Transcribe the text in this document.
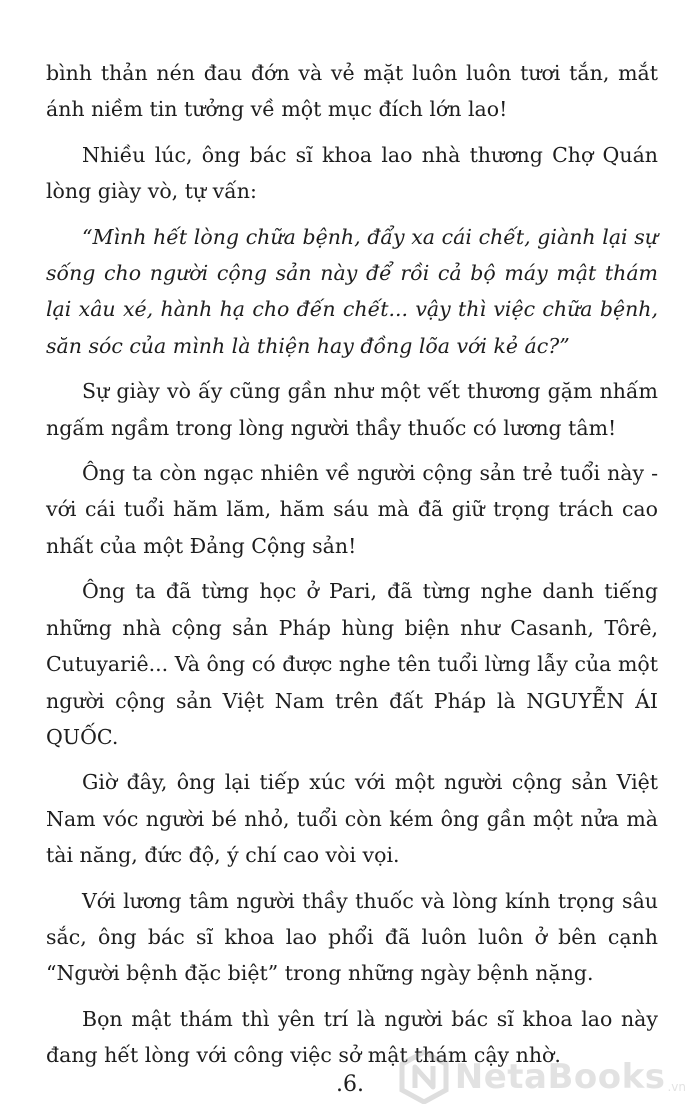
bình thản nén đau đớn và vẻ mặt luôn luôn tươi tắn, mắt ánh niềm tin tưởng về một mục đích lớn lao!

Nhiều lúc, ông bác sĩ khoa lao nhà thương Chợ Quán lòng giày vò, tự vấn:

“Mình hết lòng chữa bệnh, đẩy xa cái chết, giành lại sự sống cho người cộng sản này để rồi cả bộ máy mật thám lại xâu xé, hành hạ cho đến chết... vậy thì việc chữa bệnh, săn sóc của mình là thiện hay đồng lõa với kẻ ác?”

Sự giày vò ấy cũng gần như một vết thương gặm nhấm ngấm ngầm trong lòng người thầy thuốc có lương tâm!

Ông ta còn ngạc nhiên về người cộng sản trẻ tuổi này - với cái tuổi hăm lăm, hăm sáu mà đã giữ trọng trách cao nhất của một Đảng Cộng sản!

Ông ta đã từng học ở Pari, đã từng nghe danh tiếng những nhà cộng sản Pháp hùng biện như Casanh, Tôrê, Cutuyariê... Và ông có được nghe tên tuổi lừng lẫy của một người cộng sản Việt Nam trên đất Pháp là NGUYỄN ÁI QUỐC.

Giờ đây, ông lại tiếp xúc với một người cộng sản Việt Nam vóc người bé nhỏ, tuổi còn kém ông gần một nửa mà tài năng, đức độ, ý chí cao vòi vọi.

Với lương tâm người thầy thuốc và lòng kính trọng sâu sắc, ông bác sĩ khoa lao phổi đã luôn luôn ở bên cạnh “Người bệnh đặc biệt” trong những ngày bệnh nặng.

Bọn mật thám thì yên trí là người bác sĩ khoa lao này đang hết lòng với công việc sở mật thám cậy nhờ.

.6.	NetaBooks .vn
